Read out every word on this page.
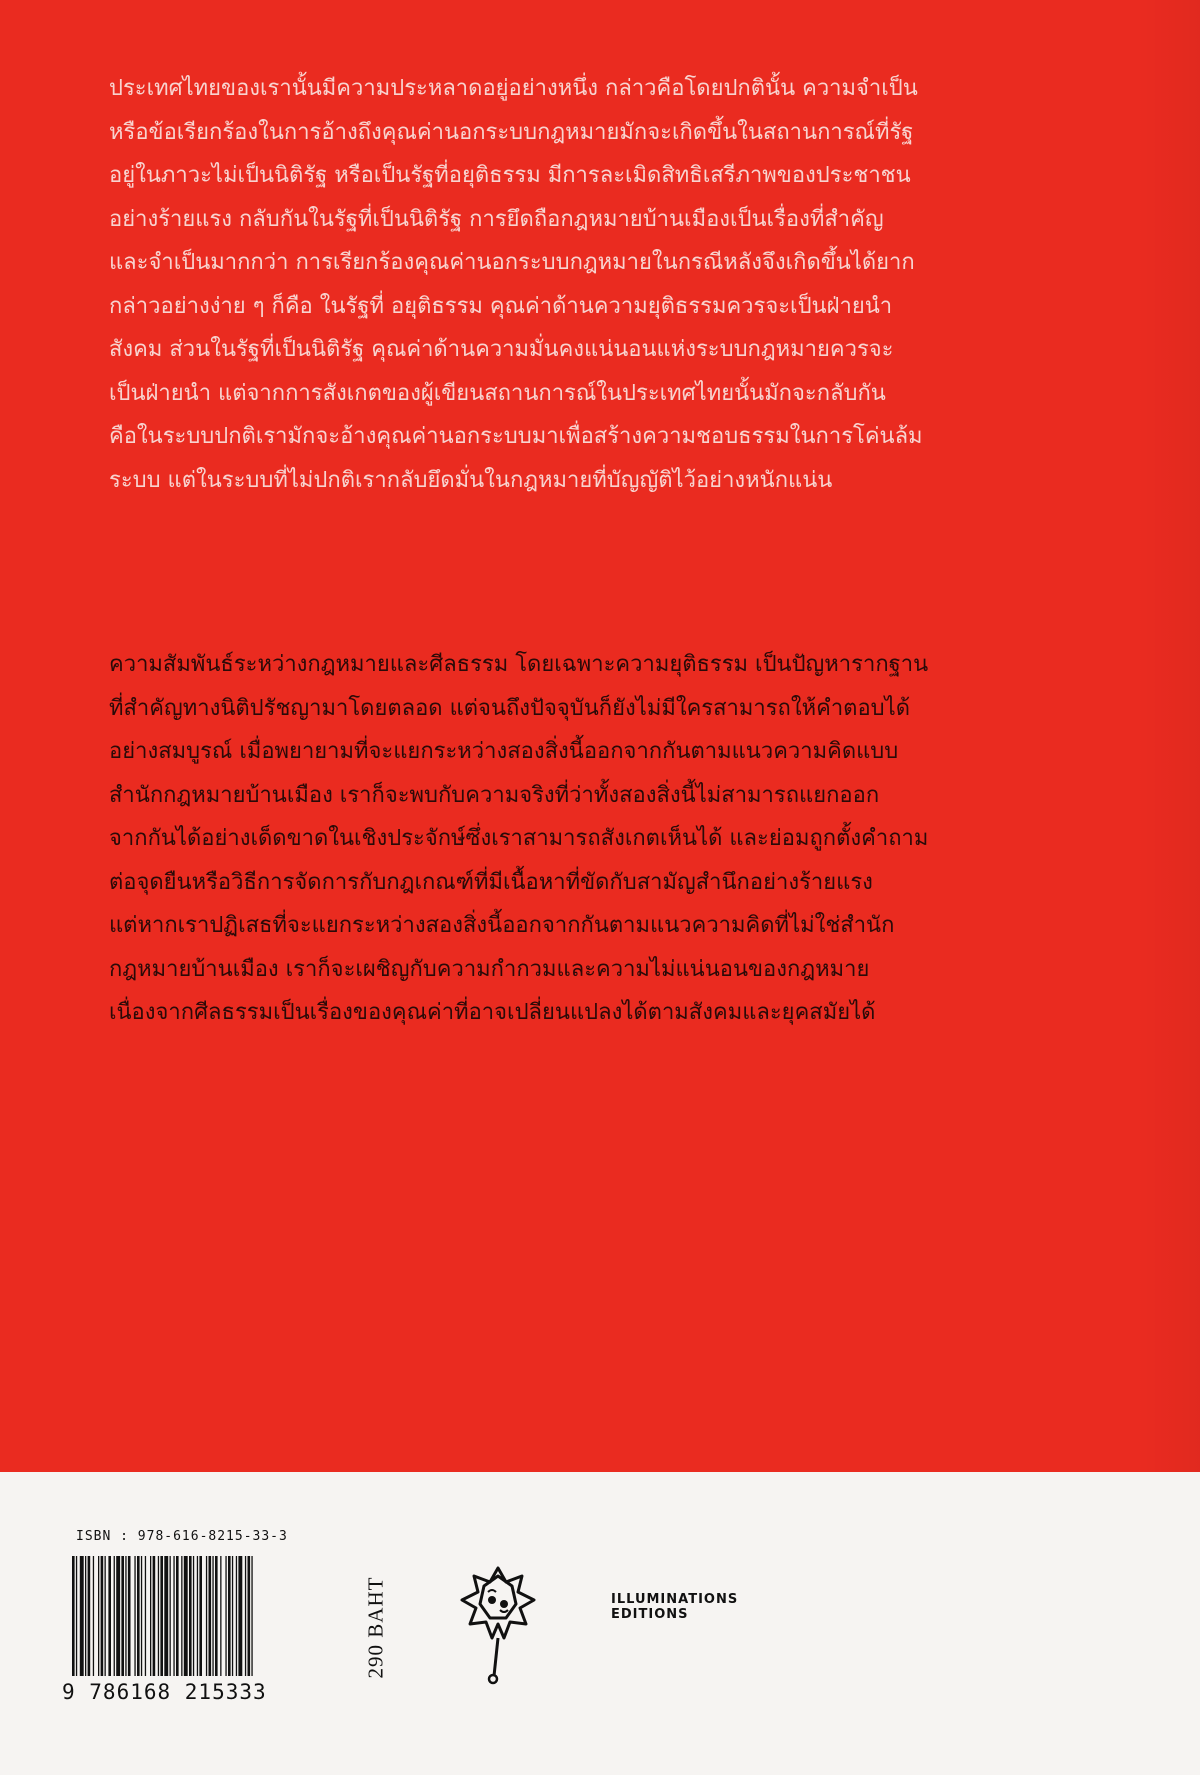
ประเทศไทยของเรานั้นมีความประหลาดอยู่อย่างหนึ่ง กล่าวคือโดยปกตินั้น ความจำเป็น
หรือข้อเรียกร้องในการอ้างถึงคุณค่านอกระบบกฎหมายมักจะเกิดขึ้นในสถานการณ์ที่รัฐ
อยู่ในภาวะไม่เป็นนิติรัฐ หรือเป็นรัฐที่อยุติธรรม มีการละเมิดสิทธิเสรีภาพของประชาชน
อย่างร้ายแรง กลับกันในรัฐที่เป็นนิติรัฐ การยึดถือกฎหมายบ้านเมืองเป็นเรื่องที่สำคัญ
และจำเป็นมากกว่า การเรียกร้องคุณค่านอกระบบกฎหมายในกรณีหลังจึงเกิดขึ้นได้ยาก
กล่าวอย่างง่าย ๆ ก็คือ ในรัฐที่ อยุติธรรม คุณค่าด้านความยุติธรรมควรจะเป็นฝ่ายนำ
สังคม ส่วนในรัฐที่เป็นนิติรัฐ คุณค่าด้านความมั่นคงแน่นอนแห่งระบบกฎหมายควรจะ
เป็นฝ่ายนำ แต่จากการสังเกตของผู้เขียนสถานการณ์ในประเทศไทยนั้นมักจะกลับกัน
คือในระบบปกติเรามักจะอ้างคุณค่านอกระบบมาเพื่อสร้างความชอบธรรมในการโค่นล้ม
ระบบ แต่ในระบบที่ไม่ปกติเรากลับยึดมั่นในกฎหมายที่บัญญัติไว้อย่างหนักแน่น

ความสัมพันธ์ระหว่างกฎหมายและศีลธรรม โดยเฉพาะความยุติธรรม เป็นปัญหารากฐาน
ที่สำคัญทางนิติปรัชญามาโดยตลอด แต่จนถึงปัจจุบันก็ยังไม่มีใครสามารถให้คำตอบได้
อย่างสมบูรณ์ เมื่อพยายามที่จะแยกระหว่างสองสิ่งนี้ออกจากกันตามแนวความคิดแบบ
สำนักกฎหมายบ้านเมือง เราก็จะพบกับความจริงที่ว่าทั้งสองสิ่งนี้ไม่สามารถแยกออก
จากกันได้อย่างเด็ดขาดในเชิงประจักษ์ซึ่งเราสามารถสังเกตเห็นได้ และย่อมถูกตั้งคำถาม
ต่อจุดยืนหรือวิธีการจัดการกับกฎเกณฑ์ที่มีเนื้อหาที่ขัดกับสามัญสำนึกอย่างร้ายแรง
แต่หากเราปฏิเสธที่จะแยกระหว่างสองสิ่งนี้ออกจากกันตามแนวความคิดที่ไม่ใช่สำนัก
กฎหมายบ้านเมือง เราก็จะเผชิญกับความกำกวมและความไม่แน่นอนของกฎหมาย
เนื่องจากศีลธรรมเป็นเรื่องของคุณค่าที่อาจเปลี่ยนแปลงได้ตามสังคมและยุคสมัยได้

ISBN : 978-616-8215-33-3
9 786168 215333
290 BAHT	ILLUMINATIONS
EDITIONS
